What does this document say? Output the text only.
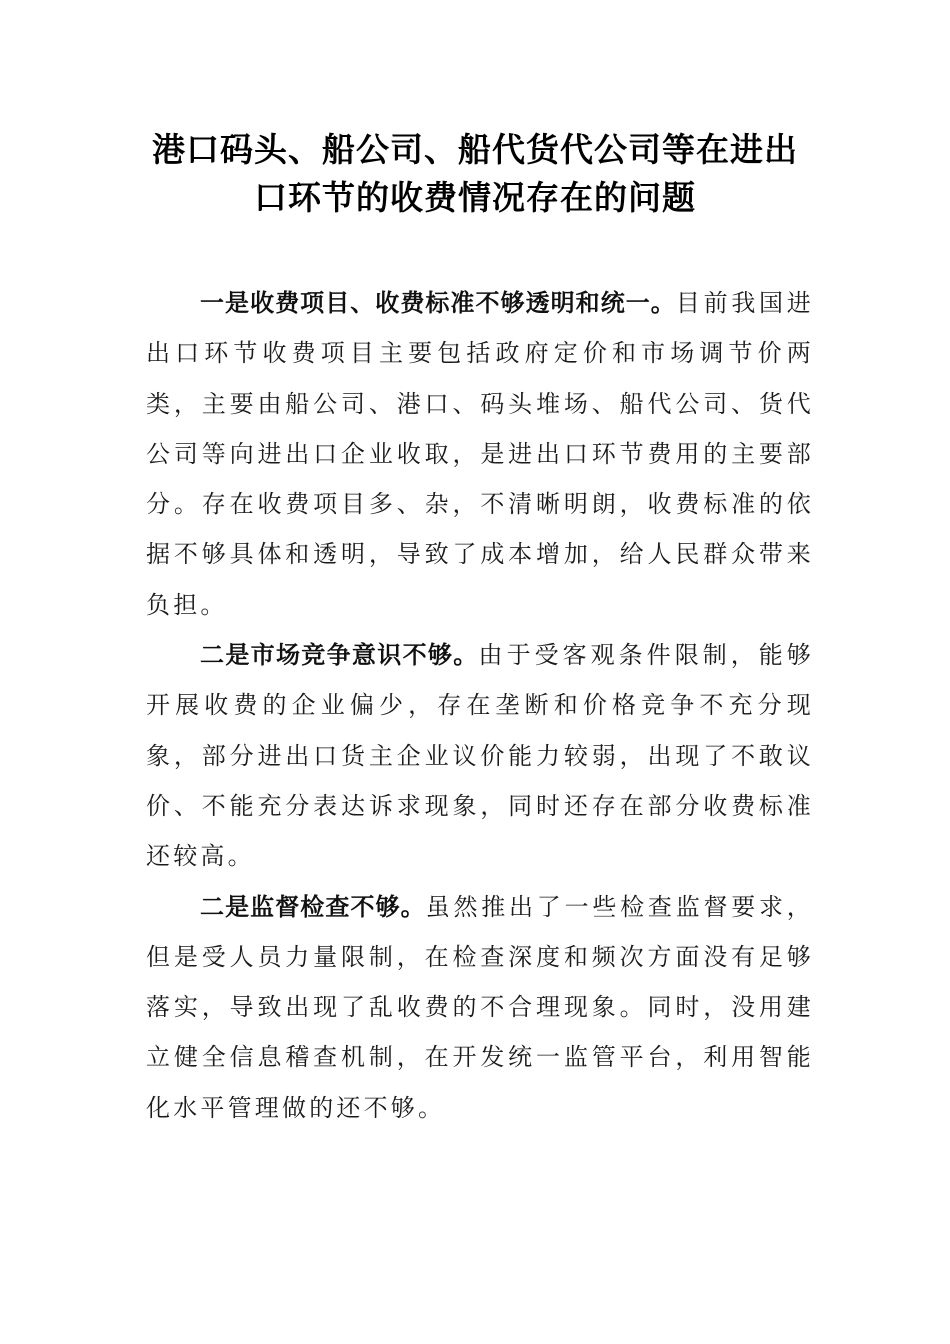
港口码头、船公司、船代货代公司等在进出
口环节的收费情况存在的问题

一是收费项目、收费标准不够透明和统一。目前我国进出口环节收费项目主要包括政府定价和市场调节价两类，主要由船公司、港口、码头堆场、船代公司、货代公司等向进出口企业收取，是进出口环节费用的主要部分。存在收费项目多、杂，不清晰明朗，收费标准的依据不够具体和透明，导致了成本增加，给人民群众带来负担。

二是市场竞争意识不够。由于受客观条件限制，能够开展收费的企业偏少，存在垄断和价格竞争不充分现象，部分进出口货主企业议价能力较弱，出现了不敢议价、不能充分表达诉求现象，同时还存在部分收费标准还较高。

二是监督检查不够。虽然推出了一些检查监督要求，但是受人员力量限制，在检查深度和频次方面没有足够落实，导致出现了乱收费的不合理现象。同时，没用建立健全信息稽查机制，在开发统一监管平台，利用智能化水平管理做的还不够。
